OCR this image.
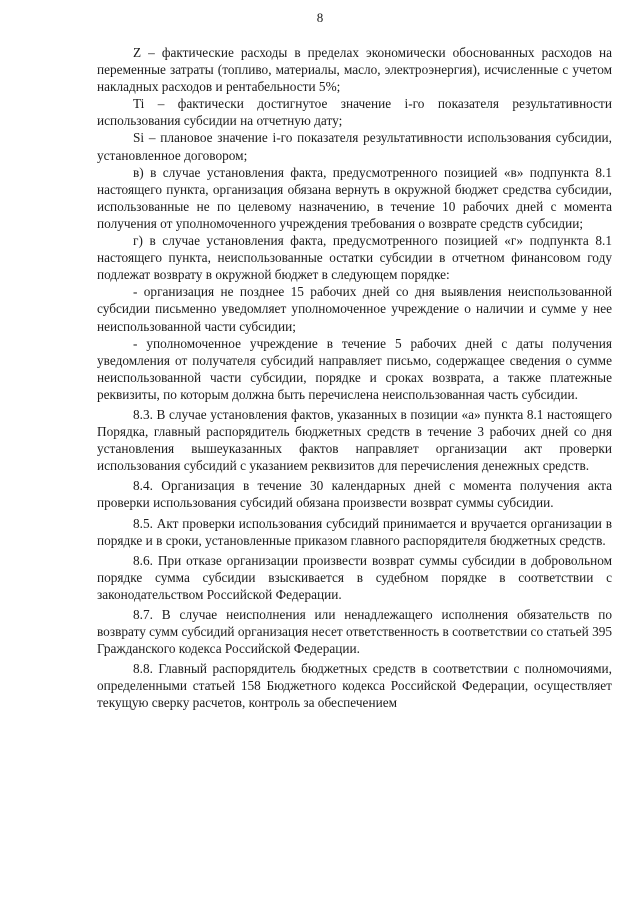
8

Z – фактические расходы в пределах экономически обоснованных расходов на переменные затраты (топливо, материалы, масло, электроэнергия), исчисленные с учетом накладных расходов и рентабельности 5%;

Ti – фактически достигнутое значение i-го показателя результативности использования субсидии на отчетную дату;

Si – плановое значение i-го показателя результативности использования субсидии, установленное договором;

в) в случае установления факта, предусмотренного позицией «в» подпункта 8.1 настоящего пункта, организация обязана вернуть в окружной бюджет средства субсидии, использованные не по целевому назначению, в течение 10 рабочих дней с момента получения от уполномоченного учреждения требования о возврате средств субсидии;

г) в случае установления факта, предусмотренного позицией «г» подпункта 8.1 настоящего пункта, неиспользованные остатки субсидии в отчетном финансовом году подлежат возврату в окружной бюджет в следующем порядке:

- организация не позднее 15 рабочих дней со дня выявления неиспользованной субсидии письменно уведомляет уполномоченное учреждение о наличии и сумме у нее неиспользованной части субсидии;

- уполномоченное учреждение в течение 5 рабочих дней с даты получения уведомления от получателя субсидий направляет письмо, содержащее сведения о сумме неиспользованной части субсидии, порядке и сроках возврата, а также платежные реквизиты, по которым должна быть перечислена неиспользованная часть субсидии.

8.3. В случае установления фактов, указанных в позиции «а» пункта 8.1 настоящего Порядка, главный распорядитель бюджетных средств в течение 3 рабочих дней со дня установления вышеуказанных фактов направляет организации акт проверки использования субсидий с указанием реквизитов для перечисления денежных средств.

8.4. Организация в течение 30 календарных дней с момента получения акта проверки использования субсидий обязана произвести возврат суммы субсидии.

8.5. Акт проверки использования субсидий принимается и вручается организации в порядке и в сроки, установленные приказом главного распорядителя бюджетных средств.

8.6. При отказе организации произвести возврат суммы субсидии в добровольном порядке сумма субсидии взыскивается в судебном порядке в соответствии с законодательством Российской Федерации.

8.7. В случае неисполнения или ненадлежащего исполнения обязательств по возврату сумм субсидий организация несет ответственность в соответствии со статьей 395 Гражданского кодекса Российской Федерации.

8.8. Главный распорядитель бюджетных средств в соответствии с полномочиями, определенными статьей 158 Бюджетного кодекса Российской Федерации, осуществляет текущую сверку расчетов, контроль за обеспечением
